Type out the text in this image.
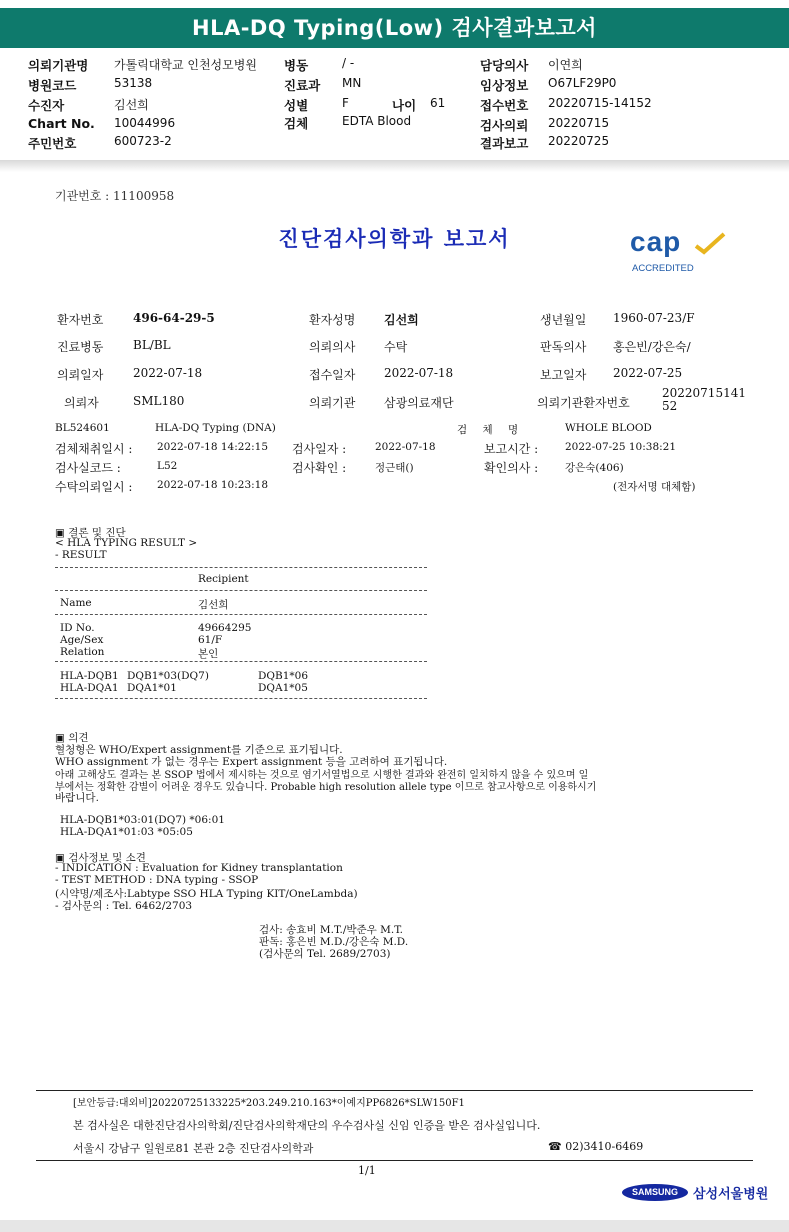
HLA-DQ Typing(Low) 검사결과보고서
의뢰기관명 가톨릭대학교 인천성모병원
병원코드	53138
수진자	김선희
Chart No. 10044996
주민번호	600723-2
병동	/ -
진료과 MN
성별	F	나이 61
검체	EDTA Blood
담당의사 이연희
임상정보 O67LF29P0
접수번호 20220715-14152
검사의뢰 20220715
결과보고 20220725
기관번호 : 11100958
진단검사의학과 보고서	cap
ACCREDITED
환자번호 496-64-29-5	환자성명 김선희	생년월일 1960-07-23/F
진료병동 BL/BL	의뢰의사 수탁	판독의사 홍은빈/강은숙/
의뢰일자 2022-07-18	접수일자 2022-07-18	보고일자 2022-07-25
의뢰자	SML180	의뢰기관 삼광의료재단	의뢰기관환자번호
2022071514152
BL524601	HLA-DQ Typing (DNA)	검 체 명	WHOLE BLOOD
검체채취일시 : 2022-07-18 14:22:15 검사일자 :	2022-07-18	보고시간 :	2022-07-25 10:38:21
검사실코드 :	L52	검사확인 :	정근태()	확인의사 :	강은숙(406)
수탁의뢰일시 : 2022-07-18 10:23:18	(전자서명 대체함)
▣ 결론 및 진단
< HLA TYPING RESULT >
- RESULT
Recipient
Name	김선희
ID No.	49664295
Age/Sex	61/F
Relation	본인
HLA-DQB1 DQB1*03(DQ7)	DQB1*06
HLA-DQA1 DQA1*01	DQA1*05
▣ 의견
혈청형은 WHO/Expert assignment를 기준으로 표기됩니다.
WHO assignment 가 없는 경우는 Expert assignment 등을 고려하여 표기됩니다.
아래 고해상도 결과는 본 SSOP 법에서 제시하는 것으로 염기서열법으로 시행한 결과와 완전히 일치하지 않을 수 있으며 일
부에서는 정확한 감별이 어려운 경우도 있습니다. Probable high resolution allele type 이므로 참고사항으로 이용하시기
바랍니다.
HLA-DQB1*03:01(DQ7) *06:01
HLA-DQA1*01:03 *05:05
▣ 검사정보 및 소견
- INDICATION : Evaluation for Kidney transplantation
- TEST METHOD : DNA typing - SSOP
(시약명/제조사:Labtype SSO HLA Typing KIT/OneLambda)
- 검사문의 : Tel. 6462/2703
검사: 송효비 M.T./박준우 M.T.
판독: 홍은빈 M.D./강은숙 M.D.
(검사문의 Tel. 2689/2703)
[보안등급:대외비]20220725133225*203.249.210.163*이예지PP6826*SLW150F1
본 검사실은 대한진단검사의학회/진단검사의학재단의 우수검사실 신임 인증을 받은 검사실입니다.
서울시 강남구 일원로81 본관 2층 진단검사의학과	☎ 02)3410-6469
1/1
SAMSUNG	삼성서울병원
